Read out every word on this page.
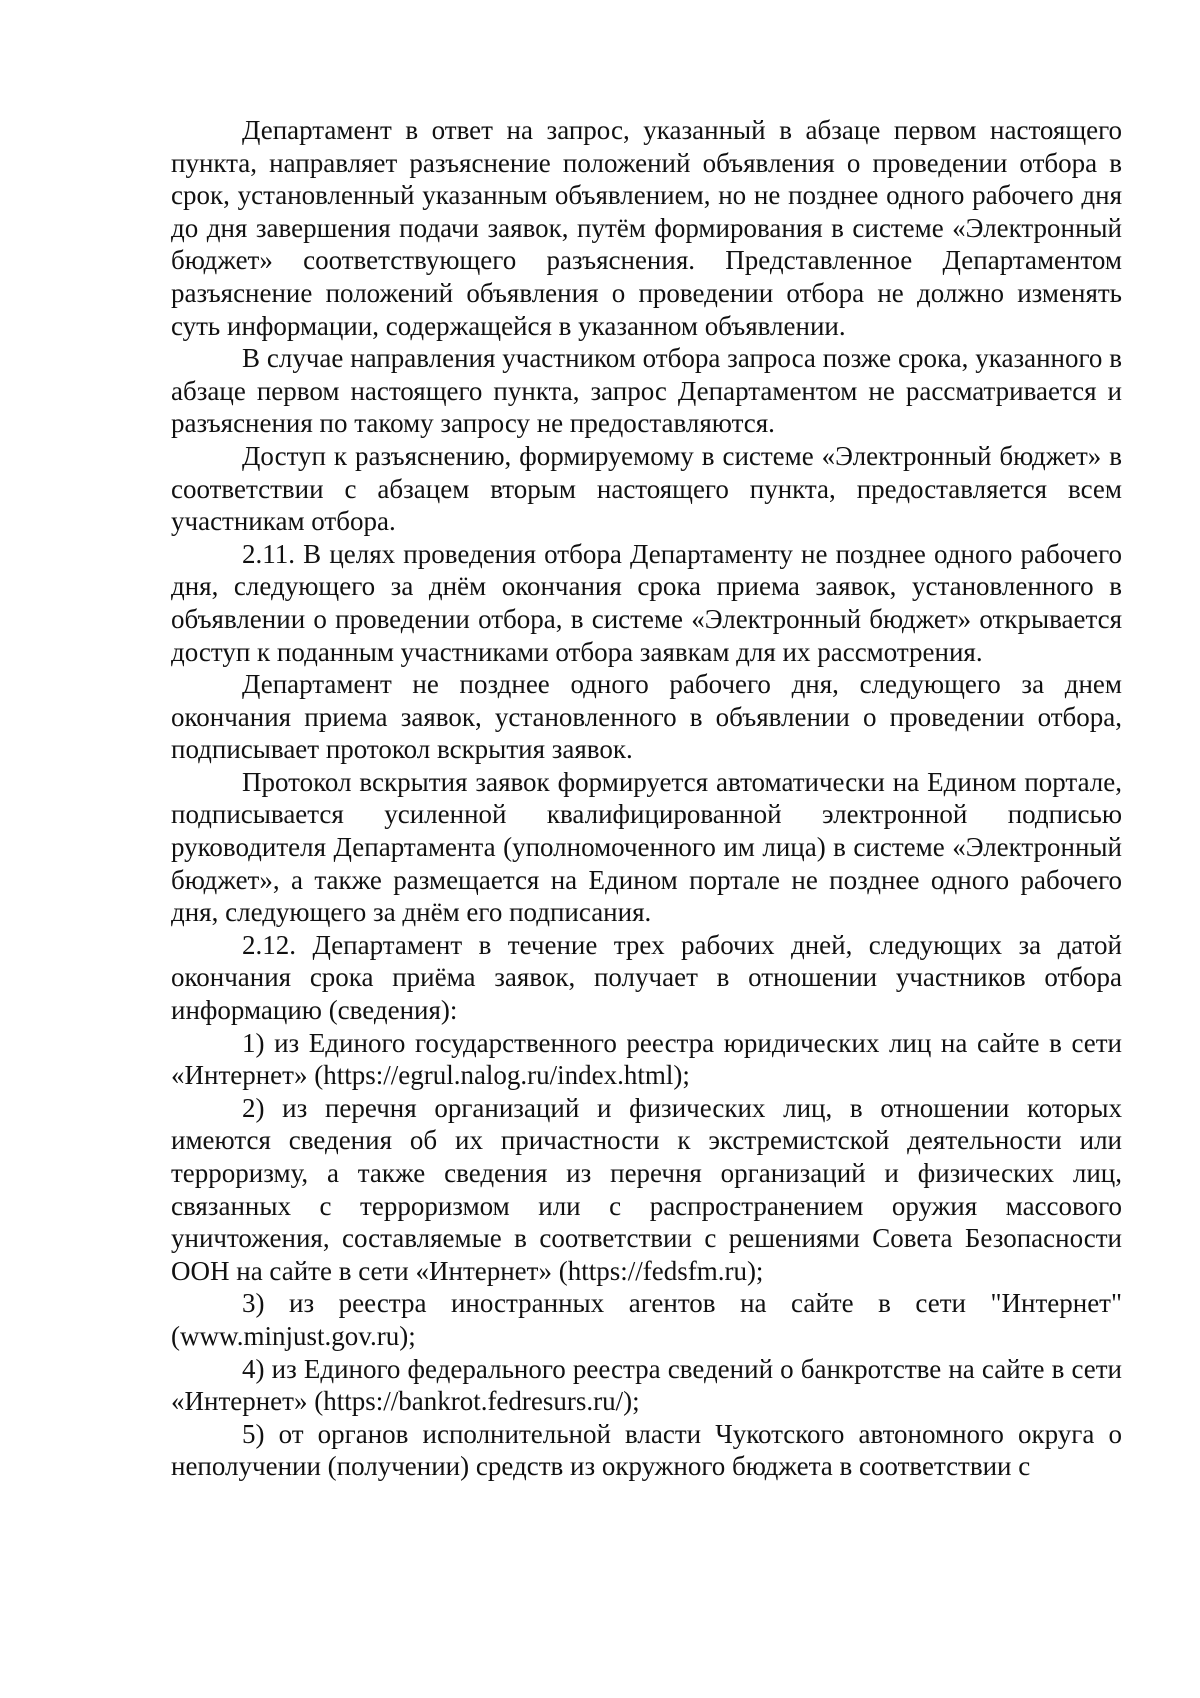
Департамент в ответ на запрос, указанный в абзаце первом настоящего пункта, направляет разъяснение положений объявления о проведении отбора в срок, установленный указанным объявлением, но не позднее одного рабочего дня до дня завершения подачи заявок, путём формирования в системе «Электронный бюджет» соответствующего разъяснения. Представленное Департаментом разъяснение положений объявления о проведении отбора не должно изменять суть информации, содержащейся в указанном объявлении.

В случае направления участником отбора запроса позже срока, указанного в абзаце первом настоящего пункта, запрос Департаментом не рассматривается и разъяснения по такому запросу не предоставляются.

Доступ к разъяснению, формируемому в системе «Электронный бюджет» в соответствии с абзацем вторым настоящего пункта, предоставляется всем участникам отбора.

2.11. В целях проведения отбора Департаменту не позднее одного рабочего дня, следующего за днём окончания срока приема заявок, установленного в объявлении о проведении отбора, в системе «Электронный бюджет» открывается доступ к поданным участниками отбора заявкам для их рассмотрения.

Департамент не позднее одного рабочего дня, следующего за днем окончания приема заявок, установленного в объявлении о проведении отбора, подписывает протокол вскрытия заявок.

Протокол вскрытия заявок формируется автоматически на Едином портале, подписывается усиленной квалифицированной электронной подписью руководителя Департамента (уполномоченного им лица) в системе «Электронный бюджет», а также размещается на Едином портале не позднее одного рабочего дня, следующего за днём его подписания.

2.12. Департамент в течение трех рабочих дней, следующих за датой окончания срока приёма заявок, получает в отношении участников отбора информацию (сведения):

1) из Единого государственного реестра юридических лиц на сайте в сети «Интернет» (https://egrul.nalog.ru/index.html);

2) из перечня организаций и физических лиц, в отношении которых имеются сведения об их причастности к экстремистской деятельности или терроризму, а также сведения из перечня организаций и физических лиц, связанных с терроризмом или с распространением оружия массового уничтожения, составляемые в соответствии с решениями Совета Безопасности ООН на сайте в сети «Интернет» (https://fedsfm.ru);

3) из реестра иностранных агентов на сайте в сети "Интернет" (www.minjust.gov.ru);

4) из Единого федерального реестра сведений о банкротстве на сайте в сети «Интернет» (https://bankrot.fedresurs.ru/);

5) от органов исполнительной власти Чукотского автономного округа о неполучении (получении) средств из окружного бюджета в соответствии с
